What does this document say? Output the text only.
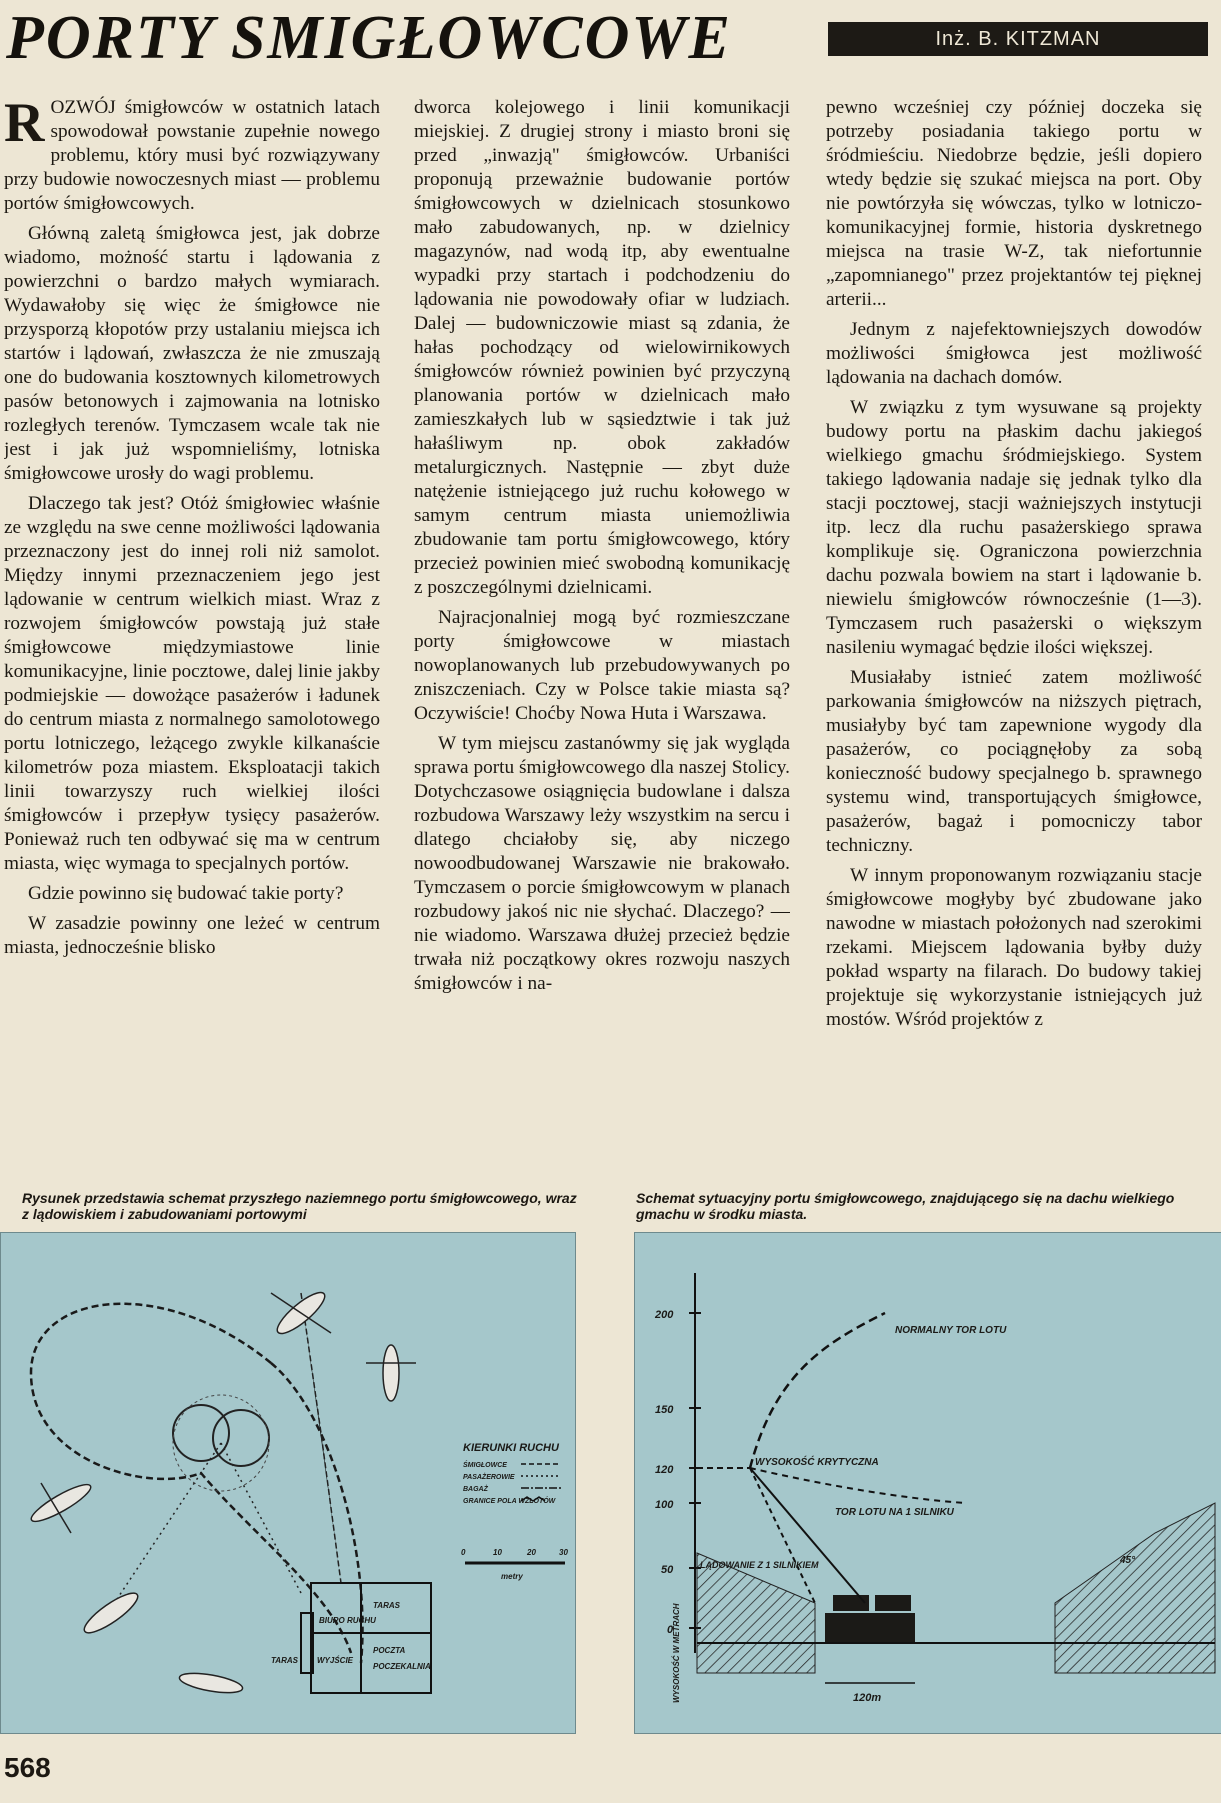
PORTY SMIGŁOWCOWE	Inż. B. KITZMAN

ROZWÓJ śmigłowców w ostatnich latach spowodował powstanie zupełnie nowego problemu, który musi być rozwiązywany przy budowie nowoczesnych miast — problemu portów śmigłowcowych.

Główną zaletą śmigłowca jest, jak dobrze wiadomo, możność startu i lądowania z powierzchni o bardzo małych wymiarach. Wydawałoby się więc że śmigłowce nie przysporzą kłopotów przy ustalaniu miejsca ich startów i lądowań, zwłaszcza że nie zmuszają one do budowania kosztownych kilometrowych pasów betonowych i zajmowania na lotnisko rozległych terenów. Tymczasem wcale tak nie jest i jak już wspomnieliśmy, lotniska śmigłowcowe urosły do wagi problemu.

Dlaczego tak jest? Otóż śmigłowiec właśnie ze względu na swe cenne możliwości lądowania przeznaczony jest do innej roli niż samolot. Między innymi przeznaczeniem jego jest lądowanie w centrum wielkich miast. Wraz z rozwojem śmigłowców powstają już stałe śmigłowcowe międzymiastowe linie komunikacyjne, linie pocztowe, dalej linie jakby podmiejskie — dowożące pasażerów i ładunek do centrum miasta z normalnego samolotowego portu lotniczego, leżącego zwykle kilkanaście kilometrów poza miastem. Eksploatacji takich linii towarzyszy ruch wielkiej ilości śmigłowców i przepływ tysięcy pasażerów. Ponieważ ruch ten odbywać się ma w centrum miasta, więc wymaga to specjalnych portów.

Gdzie powinno się budować takie porty?

W zasadzie powinny one leżeć w centrum miasta, jednocześnie blisko

dworca kolejowego i linii komunikacji miejskiej. Z drugiej strony i miasto broni się przed „inwazją" śmigłowców. Urbaniści proponują przeważnie budowanie portów śmigłowcowych w dzielnicach stosunkowo mało zabudowanych, np. w dzielnicy magazynów, nad wodą itp, aby ewentualne wypadki przy startach i podchodzeniu do lądowania nie powodowały ofiar w ludziach. Dalej — budowniczowie miast są zdania, że hałas pochodzący od wielowirnikowych śmigłowców również powinien być przyczyną planowania portów w dzielnicach mało zamieszkałych lub w sąsiedztwie i tak już hałaśliwym np. obok zakładów metalurgicznych. Następnie — zbyt duże natężenie istniejącego już ruchu kołowego w samym centrum miasta uniemożliwia zbudowanie tam portu śmigłowcowego, który przecież powinien mieć swobodną komunikację z poszczególnymi dzielnicami.

Najracjonalniej mogą być rozmieszczane porty śmigłowcowe w miastach nowoplanowanych lub przebudowywanych po zniszczeniach. Czy w Polsce takie miasta są? Oczywiście! Choćby Nowa Huta i Warszawa.

W tym miejscu zastanówmy się jak wygląda sprawa portu śmigłowcowego dla naszej Stolicy. Dotychczasowe osiągnięcia budowlane i dalsza rozbudowa Warszawy leży wszystkim na sercu i dlatego chciałoby się, aby niczego nowoodbudowanej Warszawie nie brakowało. Tymczasem o porcie śmigłowcowym w planach rozbudowy jakoś nic nie słychać. Dlaczego? — nie wiadomo. Warszawa dłużej przecież będzie trwała niż początkowy okres rozwoju naszych śmigłowców i na-

pewno wcześniej czy później doczeka się potrzeby posiadania takiego portu w śródmieściu. Niedobrze będzie, jeśli dopiero wtedy będzie się szukać miejsca na port. Oby nie powtórzyła się wówczas, tylko w lotniczo-komunikacyjnej formie, historia dyskretnego miejsca na trasie W-Z, tak niefortunnie „zapomnianego" przez projektantów tej pięknej arterii...

Jednym z najefektowniejszych dowodów możliwości śmigłowca jest możliwość lądowania na dachach domów.

W związku z tym wysuwane są projekty budowy portu na płaskim dachu jakiegoś wielkiego gmachu śródmiejskiego. System takiego lądowania nadaje się jednak tylko dla stacji pocztowej, stacji ważniejszych instytucji itp. lecz dla ruchu pasażerskiego sprawa komplikuje się. Ograniczona powierzchnia dachu pozwala bowiem na start i lądowanie b. niewielu śmigłowców równocześnie (1—3). Tymczasem ruch pasażerski o większym nasileniu wymagać będzie ilości większej.

Musiałaby istnieć zatem możliwość parkowania śmigłowców na niższych piętrach, musiałyby być tam zapewnione wygody dla pasażerów, co pociągnęłoby za sobą konieczność budowy specjalnego b. sprawnego systemu wind, transportujących śmigłowce, pasażerów, bagaż i pomocniczy tabor techniczny.

W innym proponowanym rozwiązaniu stacje śmigłowcowe mogłyby być zbudowane jako nawodne w miastach położonych nad szerokimi rzekami. Miejscem lądowania byłby duży pokład wsparty na filarach. Do budowy takiej projektuje się wykorzystanie istniejących już mostów. Wśród projektów z

Rysunek przedstawia schemat przyszłego naziemnego portu śmigłowcowego, wraz z lądowiskiem i zabudowaniami portowymi
Schemat sytuacyjny portu śmigłowcowego, znajdującego się na dachu wielkiego gmachu w środku miasta.
BIURO RUCHU
TARAS
POCZTA
TARAS WYJŚCIE
POCZEKALNIA
KIERUNKI RUCHU
ŚMIGŁOWCE
PASAŻEROWIE
BAGAŻ
GRANICE POLA WZLOTÓW
0	10	20	30
metry
200
150
120
100
50
0
WYSOKOŚĆ W METRACH	120m
NORMALNY TOR LOTU
WYSOKOŚĆ KRYTYCZNA
TOR LOTU NA 1 SILNIKU
LĄDOWANIE Z 1 SILNIKIEM	45°
568
